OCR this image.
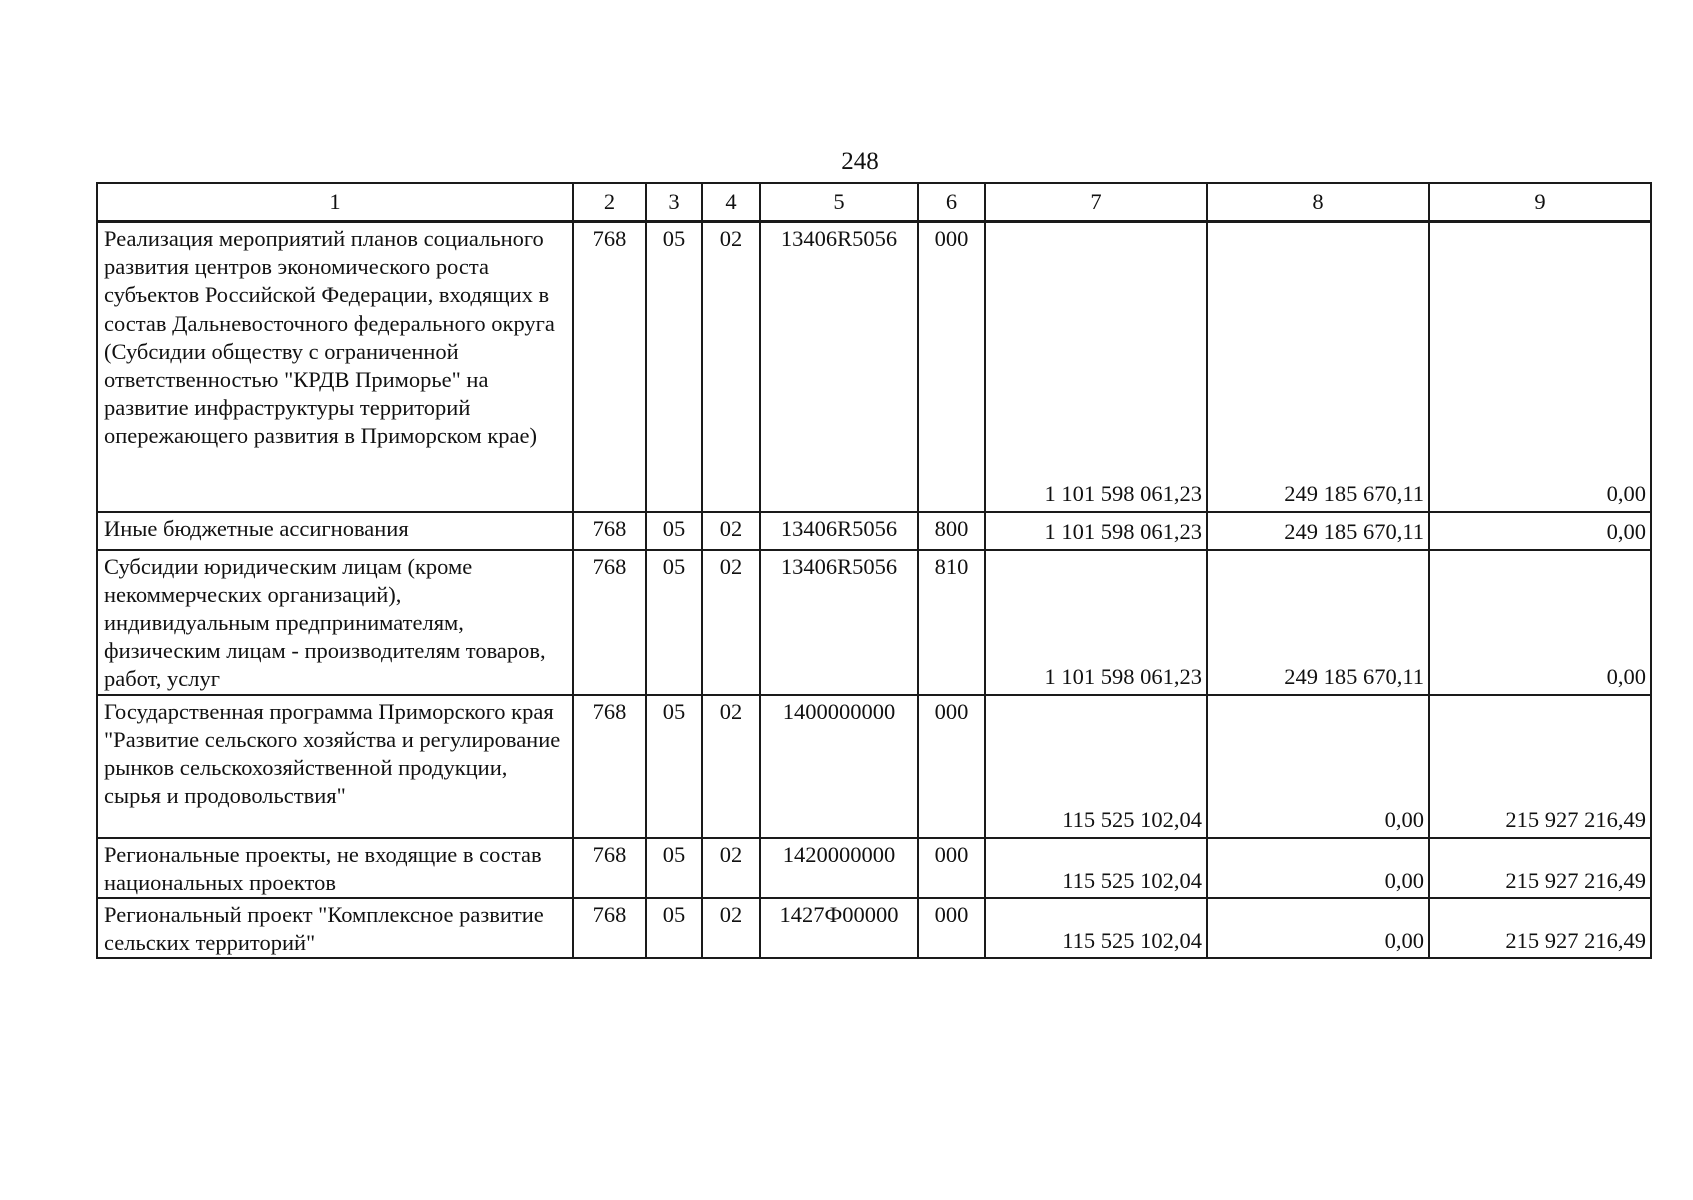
248
1	2	3	4	5	6	7	8	9
Реализация мероприятий планов социального развития центров экономического роста субъектов Российской Федерации, входящих в состав Дальневосточного федерального округа (Субсидии обществу с ограниченной ответственностью "КРДВ Приморье" на развитие инфраструктуры территорий опережающего развития в Приморском крае)	768	05	02	13406R5056	000	1 101 598 061,23	249 185 670,11	0,00
Иные бюджетные ассигнования	768	05	02	13406R5056	800	1 101 598 061,23	249 185 670,11	0,00
Субсидии юридическим лицам (кроме некоммерческих организаций), индивидуальным предпринимателям, физическим лицам - производителям товаров, работ, услуг	768	05	02	13406R5056	810	1 101 598 061,23	249 185 670,11	0,00
Государственная программа Приморского края "Развитие сельского хозяйства и регулирование рынков сельскохозяйственной продукции, сырья и продовольствия"	768	05	02	1400000000	000	115 525 102,04	0,00	215 927 216,49
Региональные проекты, не входящие в состав национальных проектов	768	05	02	1420000000	000	115 525 102,04	0,00	215 927 216,49
Региональный проект "Комплексное развитие сельских территорий"	768	05	02	1427Ф00000	000	115 525 102,04	0,00	215 927 216,49
